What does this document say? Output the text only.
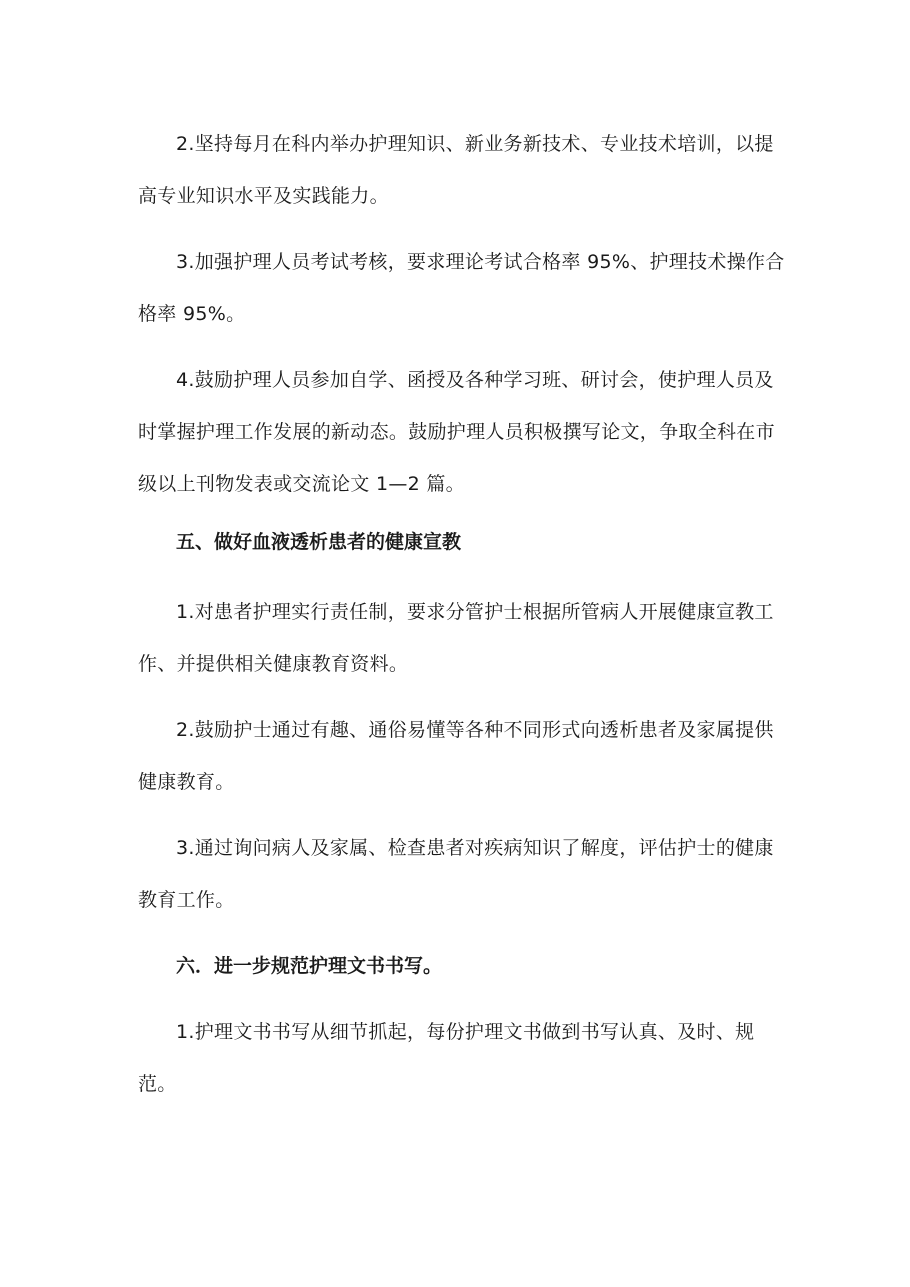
2.坚持每月在科内举办护理知识、新业务新技术、专业技术培训，以提高专业知识水平及实践能力。

3.加强护理人员考试考核，要求理论考试合格率 95%、护理技术操作合格率 95%。

4.鼓励护理人员参加自学、函授及各种学习班、研讨会，使护理人员及时掌握护理工作发展的新动态。鼓励护理人员积极撰写论文，争取全科在市级以上刊物发表或交流论文 1—2 篇。

五、做好血液透析患者的健康宣教

1.对患者护理实行责任制，要求分管护士根据所管病人开展健康宣教工作、并提供相关健康教育资料。

2.鼓励护士通过有趣、通俗易懂等各种不同形式向透析患者及家属提供健康教育。

3.通过询问病人及家属、检查患者对疾病知识了解度，评估护士的健康教育工作。

六．进一步规范护理文书书写。

1.护理文书书写从细节抓起，每份护理文书做到书写认真、及时、规范。
